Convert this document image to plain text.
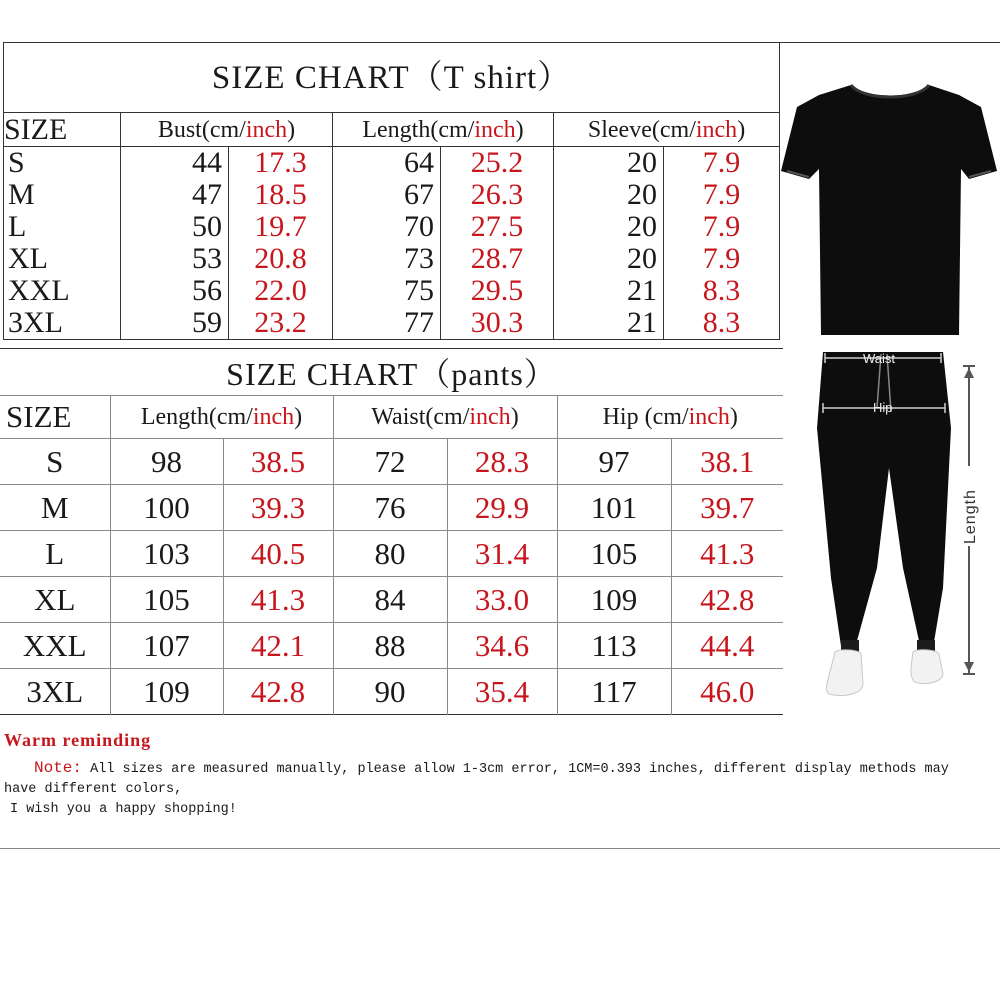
SIZE CHART（T shirt）						
SIZE	Bust(cm/inch)		Length(cm/inch)		Sleeve(cm/inch)	
S	44	17.3	64	25.2	20	7.9
M	47	18.5	67	26.3	20	7.9
L	50	19.7	70	27.5	20	7.9
XL	53	20.8	73	28.7	20	7.9
XXL	56	22.0	75	29.5	21	8.3
3XL	59	23.2	77	30.3	21	8.3
SIZE CHART（pants）						
SIZE	Length(cm/inch)		Waist(cm/inch)		Hip (cm/inch)	
S	98	38.5	72	28.3	97	38.1
M	100	39.3	76	29.9	101	39.7
L	103	40.5	80	31.4	105	41.3
XL	105	41.3	84	33.0	109	42.8
XXL	107	42.1	88	34.6	113	44.4
3XL	109	42.8	90	35.4	117	46.0
Waist
Hip
Length
Warm reminding
Note: All sizes are measured manually, please allow 1-3cm error, 1CM=0.393 inches, different display methods may
have different colors,

I wish you a happy shopping!
